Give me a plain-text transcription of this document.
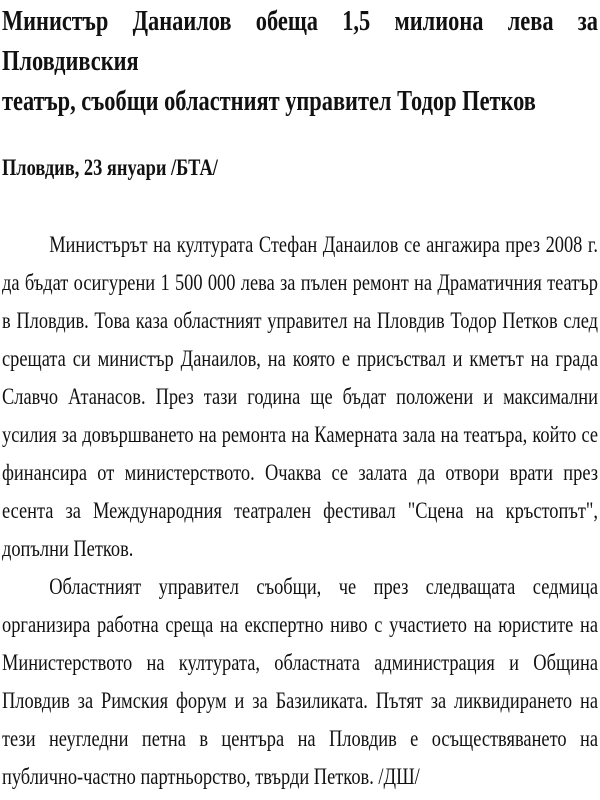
Министър Данаилов обеща 1,5 милиона лева за Пловдивския
театър, съобщи областният управител Тодор Петков
Пловдив, 23 януари /БТА/
Министърът на културата Стефан Данаилов се ангажира през 2008 г.
да бъдат осигурени 1 500 000 лева за пълен ремонт на Драматичния театър
в Пловдив. Това каза областният управител на Пловдив Тодор Петков след
срещата си министър Данаилов, на която е присъствал и кметът на града
Славчо Атанасов. През тази година ще бъдат положени и максимални
усилия за довършването на ремонта на Камерната зала на театъра, който се
финансира от министерството. Очаква се залата да отвори врати през
есента за Международния театрален фестивал "Сцена на кръстопът",
допълни Петков.
Областният управител съобщи, че през следващата седмица
организира работна среща на експертно ниво с участието на юристите на
Министерството на културата, областната администрация и Община
Пловдив за Римския форум и за Базиликата. Пътят за ликвидирането на
тези неугледни петна в центъра на Пловдив е осъществяването на
публично-частно партньорство, твърди Петков. /ДШ/
